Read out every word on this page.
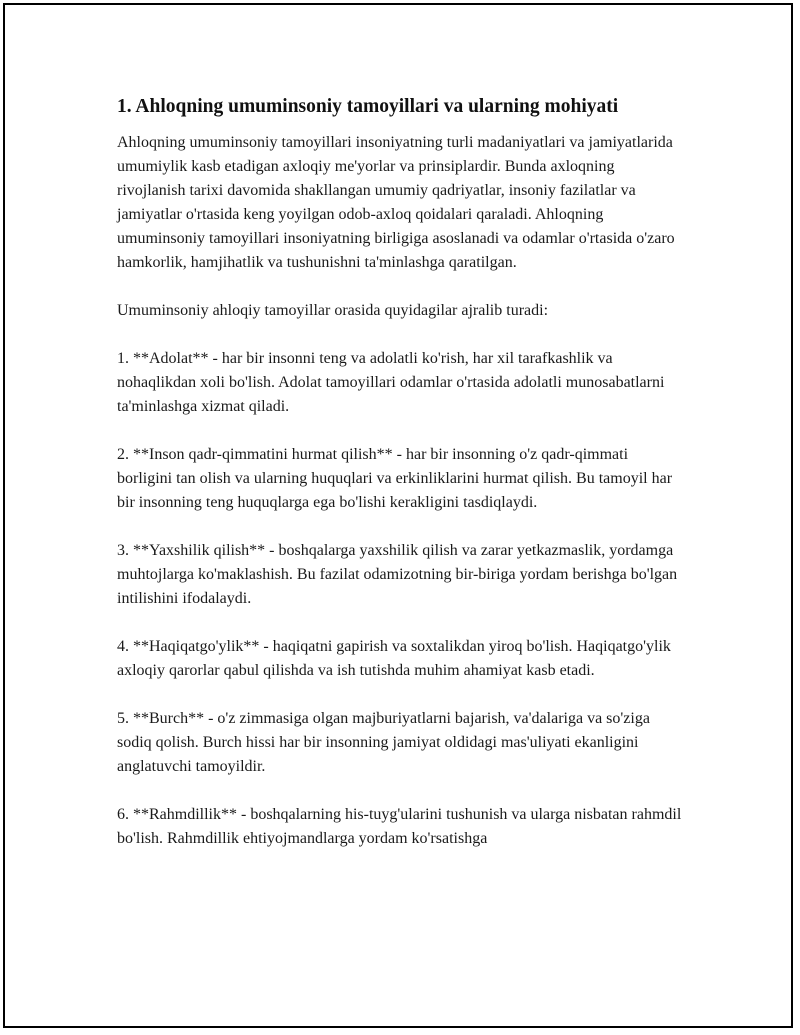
1. Ahloqning umuminsoniy tamoyillari va ularning mohiyati

Ahloqning umuminsoniy tamoyillari insoniyatning turli madaniyatlari va jamiyatlarida umumiylik kasb etadigan axloqiy me'yorlar va prinsiplardir. Bunda axloqning rivojlanish tarixi davomida shakllangan umumiy qadriyatlar, insoniy fazilatlar va jamiyatlar o'rtasida keng yoyilgan odob-axloq qoidalari qaraladi. Ahloqning umuminsoniy tamoyillari insoniyatning birligiga asoslanadi va odamlar o'rtasida o'zaro hamkorlik, hamjihatlik va tushunishni ta'minlashga qaratilgan.

Umuminsoniy ahloqiy tamoyillar orasida quyidagilar ajralib turadi:

1. **Adolat** - har bir insonni teng va adolatli ko'rish, har xil tarafkashlik va nohaqlikdan xoli bo'lish. Adolat tamoyillari odamlar o'rtasida adolatli munosabatlarni ta'minlashga xizmat qiladi.

2. **Inson qadr-qimmatini hurmat qilish** - har bir insonning o'z qadr-qimmati borligini tan olish va ularning huquqlari va erkinliklarini hurmat qilish. Bu tamoyil har bir insonning teng huquqlarga ega bo'lishi kerakligini tasdiqlaydi.

3. **Yaxshilik qilish** - boshqalarga yaxshilik qilish va zarar yetkazmaslik, yordamga muhtojlarga ko'maklashish. Bu fazilat odamizotning bir-biriga yordam berishga bo'lgan intilishini ifodalaydi.

4. **Haqiqatgo'ylik** - haqiqatni gapirish va soxtalikdan yiroq bo'lish. Haqiqatgo'ylik axloqiy qarorlar qabul qilishda va ish tutishda muhim ahamiyat kasb etadi.

5. **Burch** - o'z zimmasiga olgan majburiyatlarni bajarish, va'dalariga va so'ziga sodiq qolish. Burch hissi har bir insonning jamiyat oldidagi mas'uliyati ekanligini anglatuvchi tamoyildir.

6. **Rahmdillik** - boshqalarning his-tuyg'ularini tushunish va ularga nisbatan rahmdil bo'lish. Rahmdillik ehtiyojmandlarga yordam ko'rsatishga
